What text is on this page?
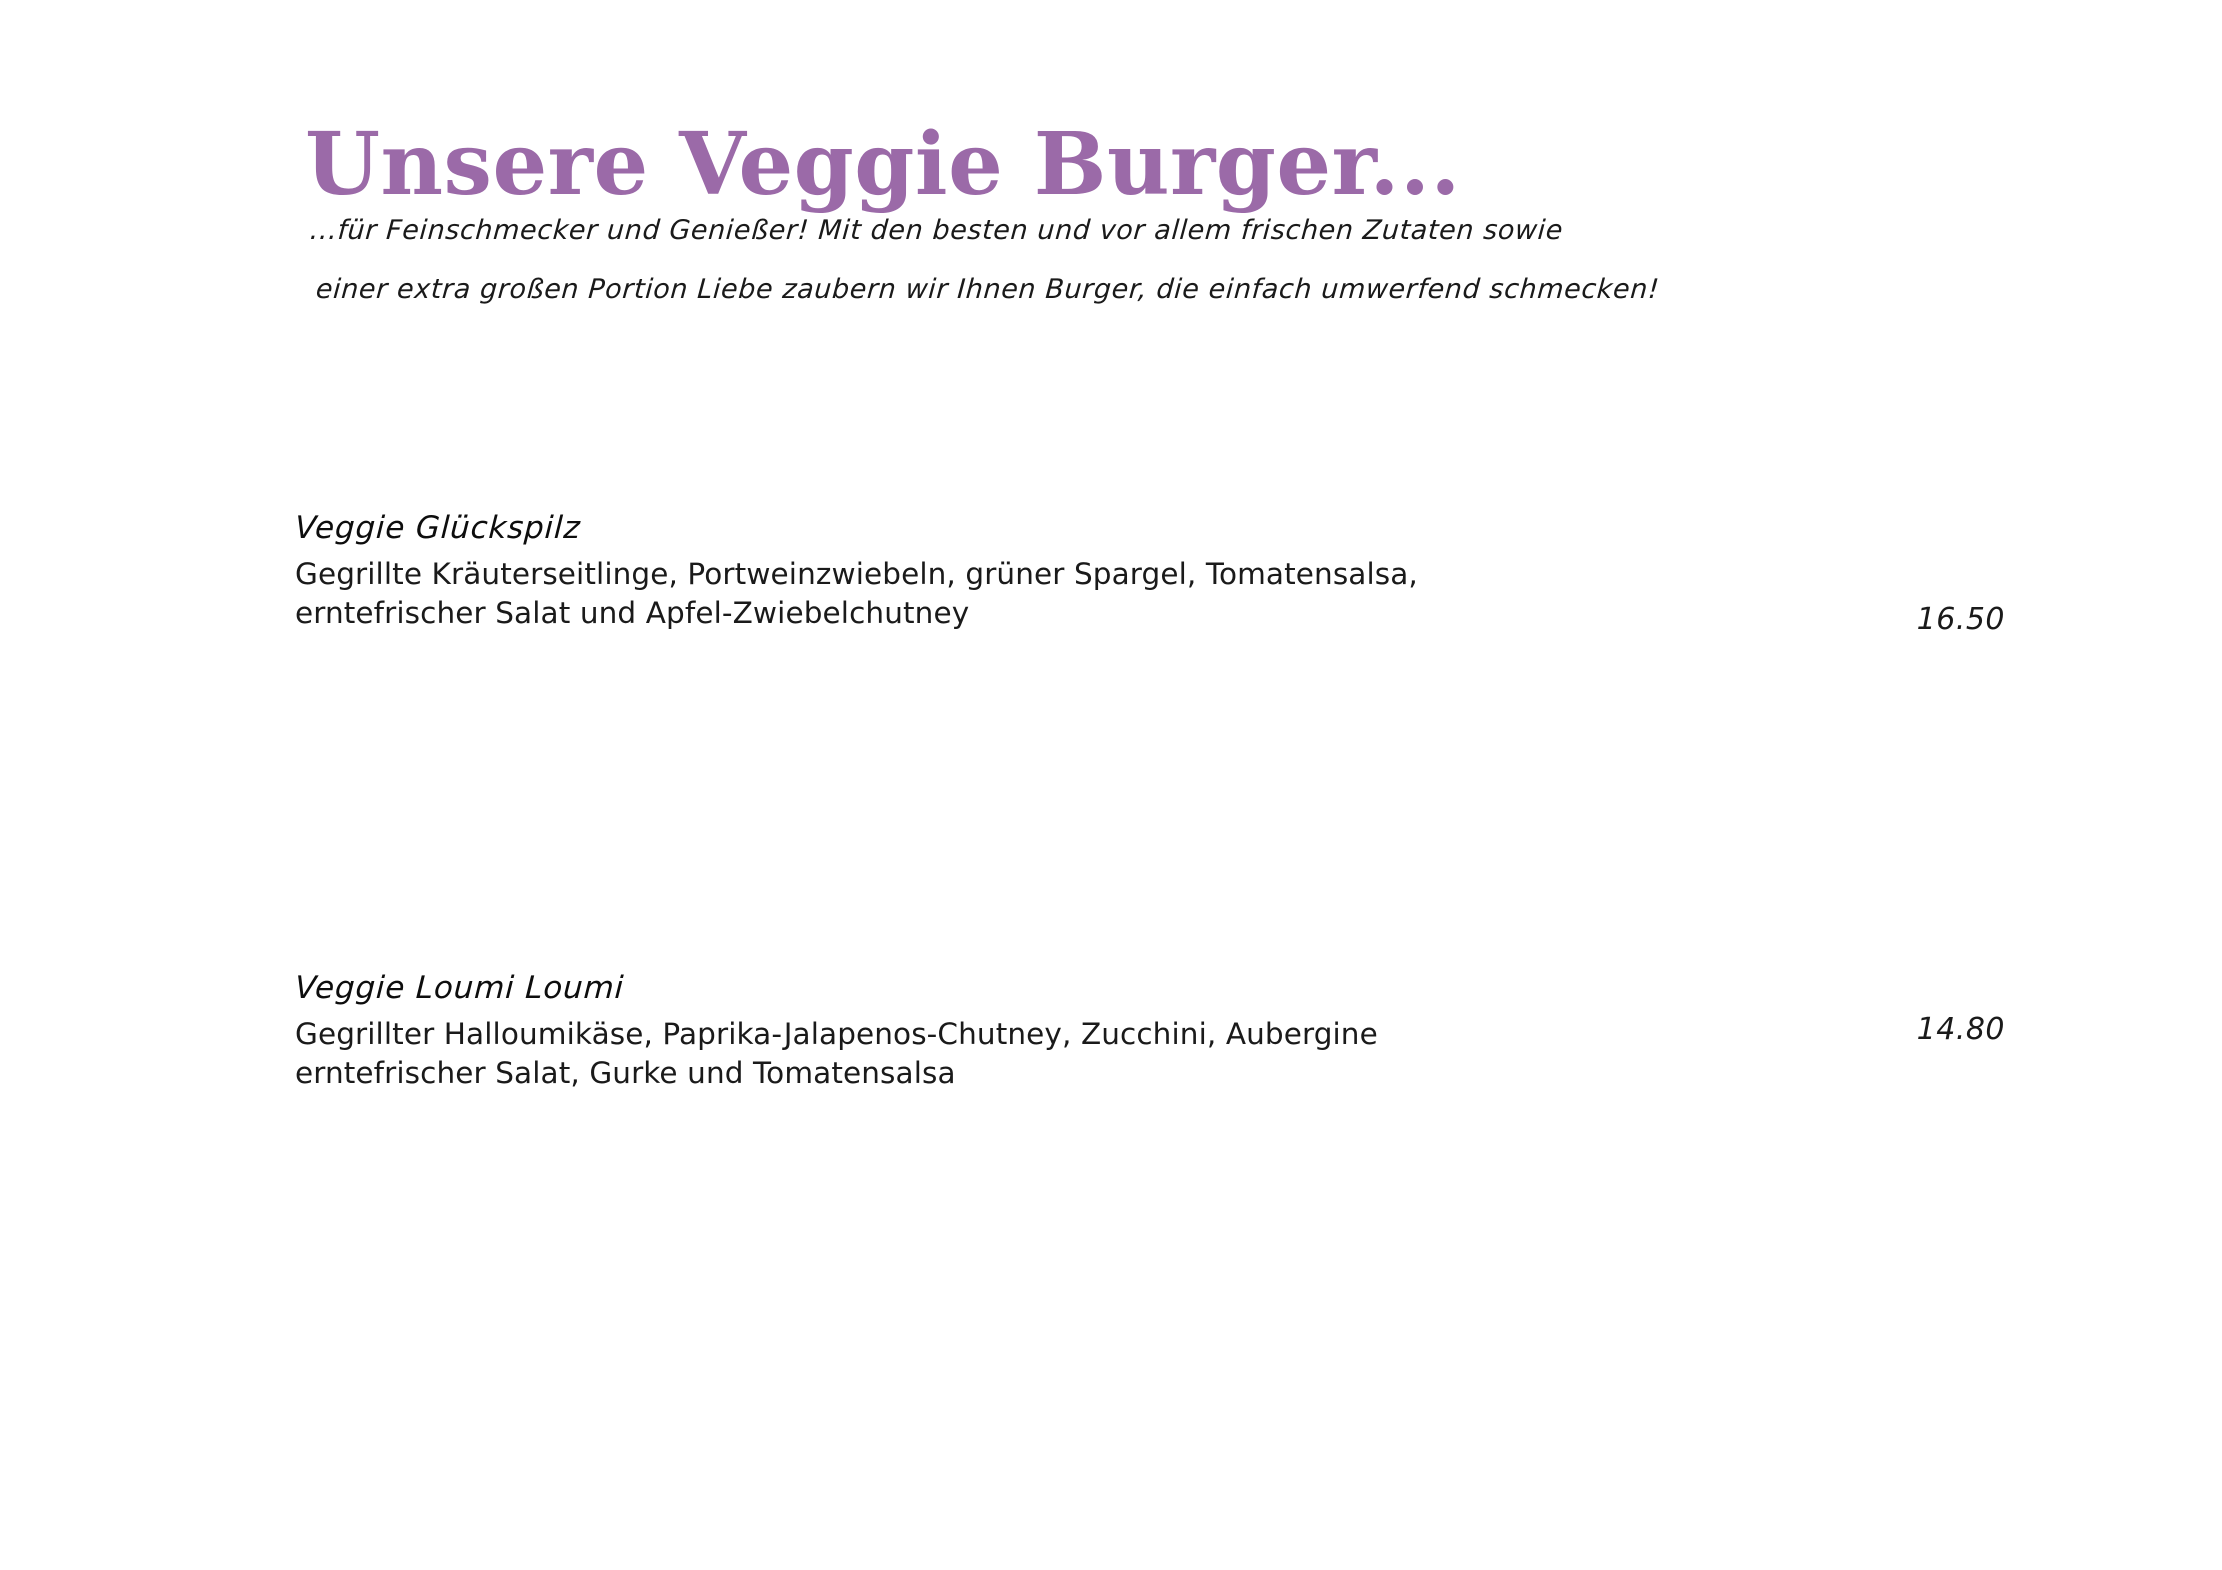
Unsere Veggie Burger...
...für Feinschmecker und Genießer! Mit den besten und vor allem frischen Zutaten sowie
einer extra großen Portion Liebe zaubern wir Ihnen Burger, die einfach umwerfend schmecken!
Veggie Glückspilz
Gegrillte Kräuterseitlinge, Portweinzwiebeln, grüner Spargel, Tomatensalsa,
erntefrischer Salat und Apfel-Zwiebelchutney	16.50
Veggie Loumi Loumi
Gegrillter Halloumikäse, Paprika-Jalapenos-Chutney, Zucchini, Aubergine
erntefrischer Salat, Gurke und Tomatensalsa
14.80
